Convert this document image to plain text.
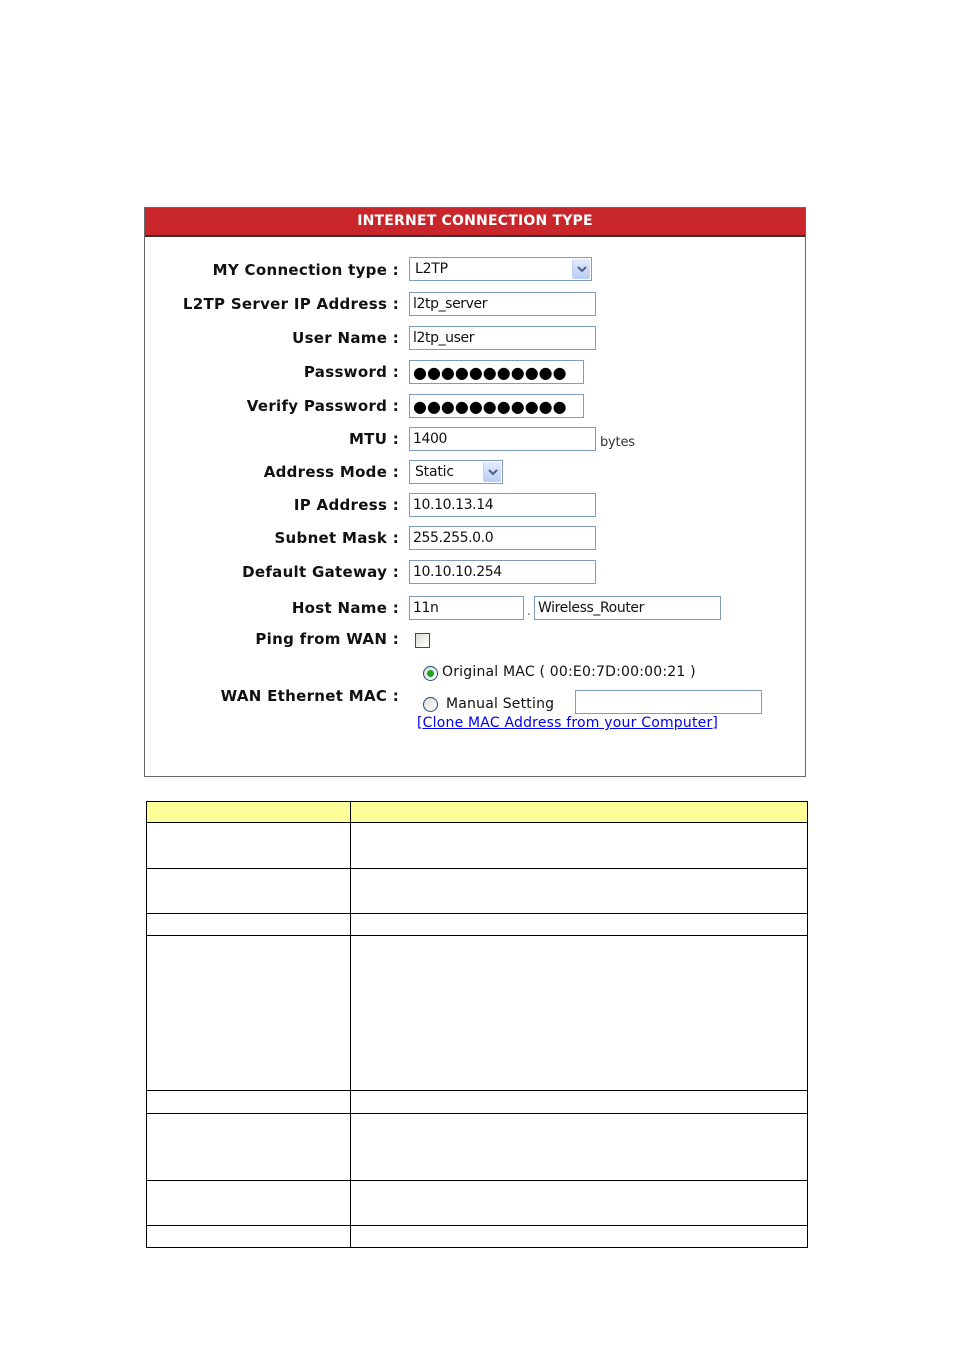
INTERNET CONNECTION TYPE
MY Connection type :	L2TP
L2TP Server IP Address :
l2tp_server
User Name :
l2tp_user
Password :
●●●●●●●●●●●
Verify Password :
●●●●●●●●●●●
MTU :
1400	bytes
Address Mode :	Static
IP Address :
10.10.13.14
Subnet Mask :
255.255.0.0
Default Gateway :
10.10.10.254
Host Name :
11n	.
Wireless_Router
Ping from WAN :
WAN Ethernet MAC :
Original MAC ( 00:E0:7D:00:00:21 )
Manual Setting
[Clone MAC Address from your Computer]
